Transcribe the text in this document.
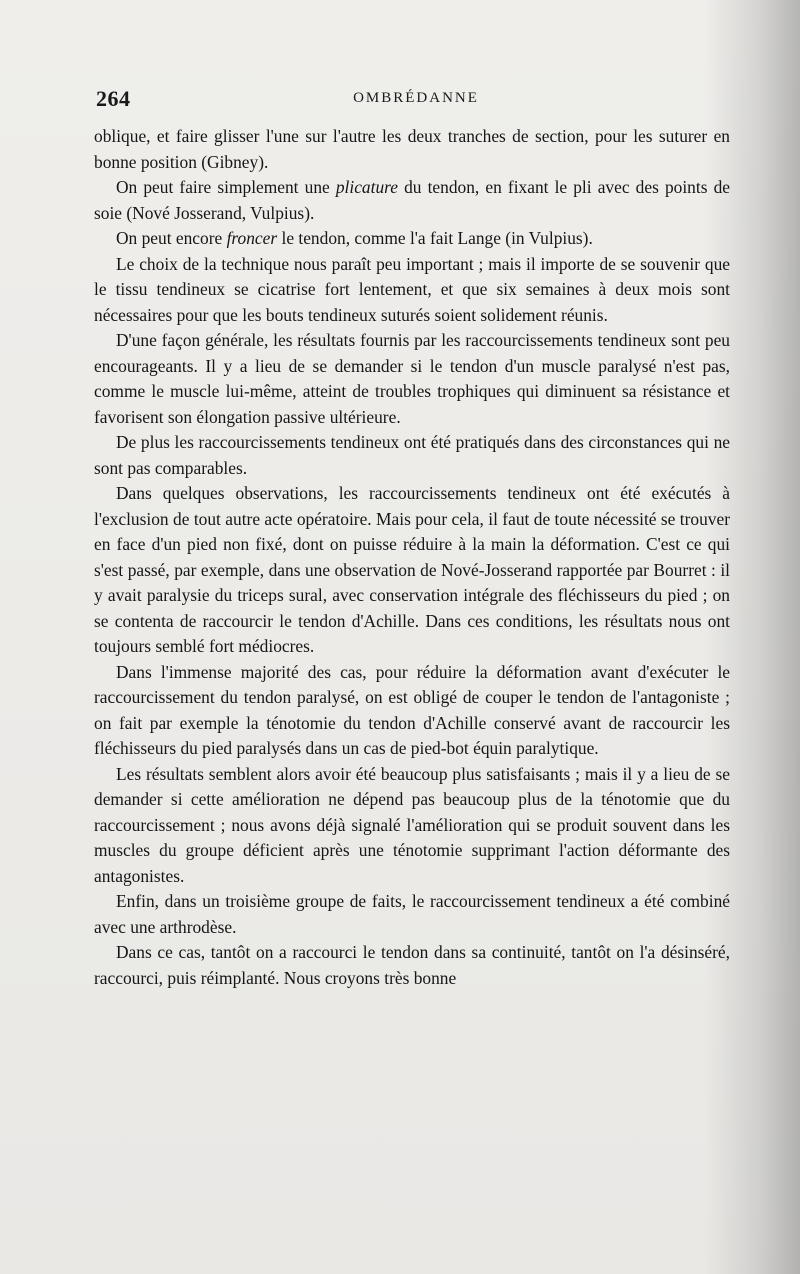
264	OMBRÉDANNE

oblique, et faire glisser l'une sur l'autre les deux tranches de section, pour les suturer en bonne position (Gibney).

On peut faire simplement une plicature du tendon, en fixant le pli avec des points de soie (Nové Josserand, Vulpius).

On peut encore froncer le tendon, comme l'a fait Lange (in Vulpius).

Le choix de la technique nous paraît peu important ; mais il importe de se souvenir que le tissu tendineux se cicatrise fort lentement, et que six semaines à deux mois sont nécessaires pour que les bouts tendineux suturés soient solidement réunis.

D'une façon générale, les résultats fournis par les raccourcissements tendineux sont peu encourageants. Il y a lieu de se demander si le tendon d'un muscle paralysé n'est pas, comme le muscle lui-même, atteint de troubles trophiques qui diminuent sa résistance et favorisent son élongation passive ultérieure.

De plus les raccourcissements tendineux ont été pratiqués dans des circonstances qui ne sont pas comparables.

Dans quelques observations, les raccourcissements tendineux ont été exécutés à l'exclusion de tout autre acte opératoire. Mais pour cela, il faut de toute nécessité se trouver en face d'un pied non fixé, dont on puisse réduire à la main la déformation. C'est ce qui s'est passé, par exemple, dans une observation de Nové-Josserand rapportée par Bourret : il y avait paralysie du triceps sural, avec conservation intégrale des fléchisseurs du pied ; on se contenta de raccourcir le tendon d'Achille. Dans ces conditions, les résultats nous ont toujours semblé fort médiocres.

Dans l'immense majorité des cas, pour réduire la déformation avant d'exécuter le raccourcissement du tendon paralysé, on est obligé de couper le tendon de l'antagoniste ; on fait par exemple la ténotomie du tendon d'Achille conservé avant de raccourcir les fléchisseurs du pied paralysés dans un cas de pied-bot équin paralytique.

Les résultats semblent alors avoir été beaucoup plus satisfaisants ; mais il y a lieu de se demander si cette amélioration ne dépend pas beaucoup plus de la ténotomie que du raccourcissement ; nous avons déjà signalé l'amélioration qui se produit souvent dans les muscles du groupe déficient après une ténotomie supprimant l'action déformante des antagonistes.

Enfin, dans un troisième groupe de faits, le raccourcissement tendineux a été combiné avec une arthrodèse.

Dans ce cas, tantôt on a raccourci le tendon dans sa continuité, tantôt on l'a désinséré, raccourci, puis réimplanté. Nous croyons très bonne
